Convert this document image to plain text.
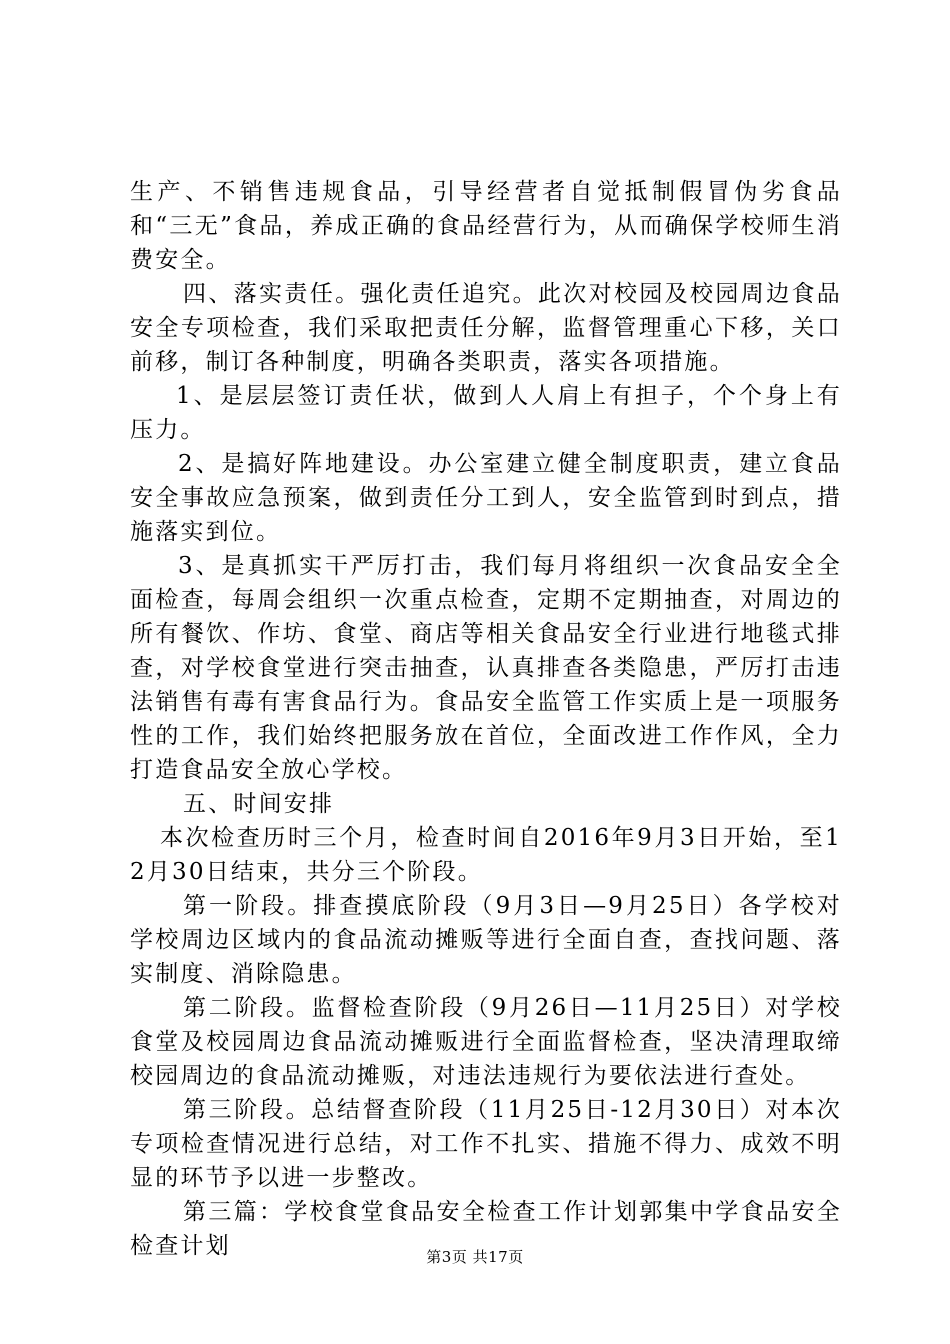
生产、不销售违规食品，引导经营者自觉抵制假冒伪劣食品和“三无”食品，养成正确的食品经营行为，从而确保学校师生消费安全。

四、落实责任。强化责任追究。此次对校园及校园周边食品安全专项检查，我们采取把责任分解，监督管理重心下移，关口前移，制订各种制度，明确各类职责，落实各项措施。

1、是层层签订责任状，做到人人肩上有担子，个个身上有压力。

2、是搞好阵地建设。办公室建立健全制度职责，建立食品安全事故应急预案，做到责任分工到人，安全监管到时到点，措施落实到位。

3、是真抓实干严厉打击，我们每月将组织一次食品安全全面检查，每周会组织一次重点检查，定期不定期抽查，对周边的所有餐饮、作坊、食堂、商店等相关食品安全行业进行地毯式排查，对学校食堂进行突击抽查，认真排查各类隐患，严厉打击违法销售有毒有害食品行为。食品安全监管工作实质上是一项服务性的工作，我们始终把服务放在首位，全面改进工作作风，全力打造食品安全放心学校。

五、时间安排

本次检查历时三个月，检查时间自2016年9月3日开始，至12月30日结束，共分三个阶段。

第一阶段。排查摸底阶段（9月3日—9月25日）各学校对学校周边区域内的食品流动摊贩等进行全面自查，查找问题、落实制度、消除隐患。

第二阶段。监督检查阶段（9月26日—11月25日）对学校食堂及校园周边食品流动摊贩进行全面监督检查，坚决清理取缔校园周边的食品流动摊贩，对违法违规行为要依法进行查处。

第三阶段。总结督查阶段（11月25日-12月30日）对本次专项检查情况进行总结，对工作不扎实、措施不得力、成效不明显的环节予以进一步整改。

第三篇：学校食堂食品安全检查工作计划郭集中学食品安全检查计划	第3页 共17页
